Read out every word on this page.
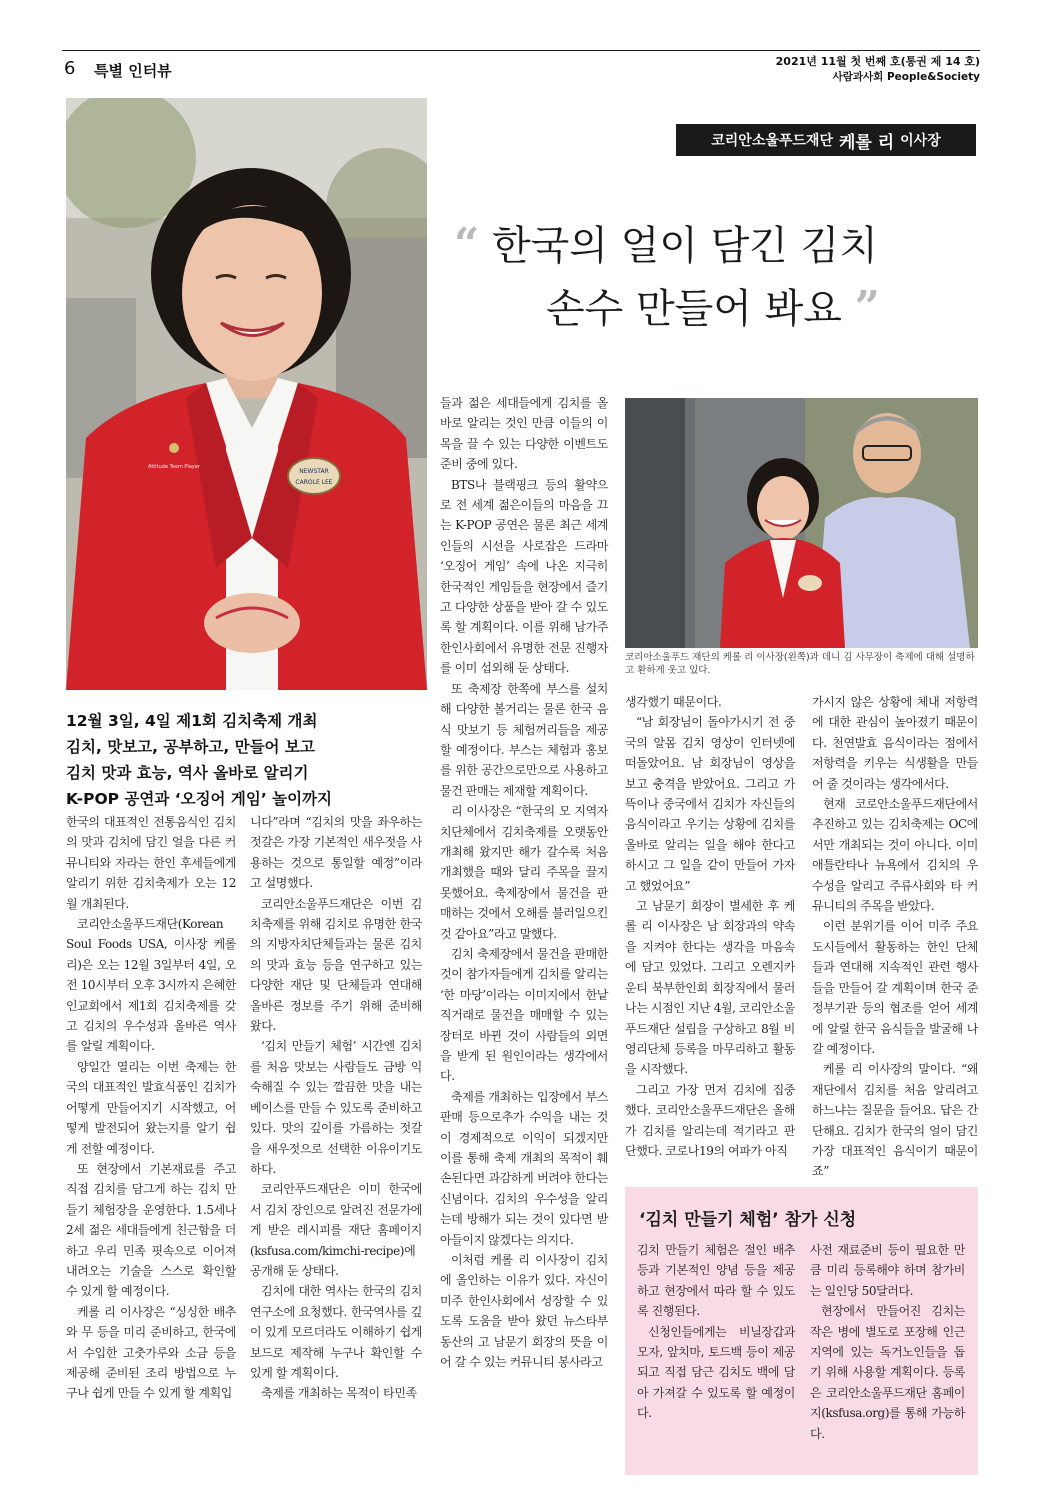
6 특별 인터뷰
2021년 11월 첫 번째 호(통권 제 14 호)
사람과사회 People&Society
NEWSTAR
CAROLE LEE
Attitude Team Player
코리안소울푸드재단 케롤 리 이사장
“ 한국의 얼이 담긴 김치
손수 만들어 봐요 ”

들과 젊은 세대들에게 김치를 올바로 알리는 것인 만큼 이들의 이목을 끌 수 있는 다양한 이벤트도 준비 중에 있다.

BTS나 블랙핑크 등의 활약으로 전 세계 젊은이들의 마음을 끄는 K-POP 공연은 물론 최근 세계인들의 시선을 사로잡은 드라마 ‘오징어 게임’ 속에 나온 지극히 한국적인 게임들을 현장에서 즐기고 다양한 상품을 받아 갈 수 있도록 할 계획이다. 이를 위해 남가주 한인사회에서 유명한 전문 진행자를 이미 섭외해 둔 상태다.

또 축제장 한쪽에 부스를 설치해 다양한 볼거리는 물론 한국 음식 맛보기 등 체험꺼리들을 제공할 예정이다. 부스는 체험과 홍보를 위한 공간으로만으로 사용하고 물건 판매는 제재할 계획이다.

리 이사장은 “한국의 모 지역자치단체에서 김치축제를 오랫동안 개최해 왔지만 해가 갈수록 처음 개최했을 때와 달리 주목을 끌지 못했어요. 축제장에서 물건을 판매하는 것에서 오해를 불러일으킨 것 같아요”라고 말했다.

김치 축제장에서 물건을 판매한 것이 참가자들에게 김치를 알리는 ‘한 마당’이라는 이미지에서 한낱 직거래로 물건을 매매할 수 있는 장터로 바뀐 것이 사람들의 외면을 받게 된 원인이라는 생각에서다.

축제를 개최하는 입장에서 부스 판매 등으로추가 수익을 내는 것이 경제적으로 이익이 되겠지만 이를 통해 축제 개최의 목적이 훼손된다면 과감하게 버려야 한다는 신념이다. 김치의 우수성을 알리는데 방해가 되는 것이 있다면 받아들이지 않겠다는 의지다.

이처럼 케롤 리 이사장이 김치에 올인하는 이유가 있다. 자신이 미주 한인사회에서 성장할 수 있도록 도움을 받아 왔던 뉴스타부동산의 고 남문기 회장의 뜻을 이어 갈 수 있는 커뮤니티 봉사라고

코리아소울푸드 재단의 케롤 리 이사장(왼쪽)과 데니 김 사무장이 축제에 대해 설명하고 환하게 웃고 있다.
12월 3일, 4일 제1회 김치축제 개최
김치, 맛보고, 공부하고, 만들어 보고
김치 맛과 효능, 역사 올바로 알리기
K-POP 공연과 ‘오징어 게임’ 놀이까지

한국의 대표적인 전통음식인 김치의 맛과 김치에 담긴 얼을 다른 커뮤니티와 자라는 한인 후세들에게 알리기 위한 김치축제가 오는 12월 개최된다.

코리안소울푸드재단(Korean Soul Foods USA, 이사장 케롤 리)은 오는 12월 3일부터 4일, 오전 10시부터 오후 3시까지 은혜한인교회에서 제1회 김치축제를 갖고 김치의 우수성과 올바른 역사를 알릴 계획이다.

양일간 열리는 이번 축제는 한국의 대표적인 발효식품인 김치가 어떻게 만들어지기 시작했고, 어떻게 발전되어 왔는지를 알기 쉽게 전할 예정이다.

또 현장에서 기본재료를 주고 직접 김치를 담그게 하는 김치 만들기 체험장을 운영한다. 1.5세나 2세 젊은 세대들에게 친근함을 더하고 우리 민족 핏속으로 이어져 내려오는 기술을 스스로 확인할 수 있게 할 예정이다.

케롤 리 이사장은 “싱싱한 배추와 무 등을 미리 준비하고, 한국에서 수입한 고춧가루와 소금 등을 제공해 준비된 조리 방법으로 누구나 쉽게 만들 수 있게 할 계획입

니다”라며 “김치의 맛을 좌우하는 젓갈은 가장 기본적인 새우젓을 사용하는 것으로 통일할 예정”이라고 설명했다.

코리안소울푸드재단은 이번 김치축제를 위해 김치로 유명한 한국의 지방자치단체들과는 물론 김치의 맛과 효능 등을 연구하고 있는 다양한 재단 및 단체들과 연대해 올바른 정보를 주기 위해 준비해 왔다.

‘김치 만들기 체험’ 시간엔 김치를 처음 맛보는 사람들도 금방 익숙해질 수 있는 깔끔한 맛을 내는 베이스를 만들 수 있도록 준비하고 있다. 맛의 깊이를 가름하는 젓갈을 새우젓으로 선택한 이유이기도 하다.

코리안푸드재단은 이미 한국에서 김치 장인으로 알려진 전문가에게 받은 레시피를 재단 홈페이지(ksfusa.com/kimchi-recipe)에 공개해 둔 상태다.

김치에 대한 역사는 한국의 김치연구소에 요청했다. 한국역사를 깊이 있게 모르더라도 이해하기 쉽게 보드로 제작해 누구나 확인할 수 있게 할 계획이다.

축제를 개최하는 목적이 타민족

생각했기 때문이다.

“남 회장님이 돌아가시기 전 중국의 알몸 김치 영상이 인터넷에 떠돌았어요. 남 회장님이 영상을 보고 충격을 받았어요. 그리고 가뜩이나 중국에서 김치가 자신들의 음식이라고 우기는 상황에 김치를 올바로 알리는 일을 해야 한다고 하시고 그 일을 같이 만들어 가자고 했었어요”

고 남문기 회장이 별세한 후 케롤 리 이사장은 남 회장과의 약속을 지켜야 한다는 생각을 마음속에 담고 있었다. 그리고 오렌지카운티 북부한인회 회장직에서 물러나는 시점인 지난 4월, 코리안소울푸드재단 설립을 구상하고 8월 비영리단체 등록을 마무리하고 활동을 시작했다.

그리고 가장 먼저 김치에 집중했다. 코리안소울푸드재단은 올해가 김치를 알리는데 적기라고 판단했다. 코로나19의 여파가 아직

가시지 않은 상황에 체내 저항력에 대한 관심이 높아졌기 때문이다. 천연발효 음식이라는 점에서 저항력을 키우는 식생활을 만들어 줄 것이라는 생각에서다.

현재 코로안소울푸드재단에서 추진하고 있는 김치축제는 OC에서만 개최되는 것이 아니다. 이미 애틀란타나 뉴욕에서 김치의 우수성을 알리고 주류사회와 타 커뮤니티의 주목을 받았다.

이런 분위기를 이어 미주 주요 도시들에서 활동하는 한인 단체들과 연대해 지속적인 관련 행사들을 만들어 갈 계획이며 한국 준정부기관 등의 협조를 얻어 세계에 알릴 한국 음식들을 발굴해 나갈 예정이다.

케롤 리 이사장의 말이다. “왜 재단에서 김치를 처음 알리려고 하느냐는 질문을 들어요. 답은 간단해요. 김치가 한국의 얼이 담긴 가장 대표적인 음식이기 때문이죠”

‘김치 만들기 체험’ 참가 신청

김치 만들기 체험은 절인 배추 등과 기본적인 양념 등을 제공하고 현장에서 따라 할 수 있도록 진행된다.

신청인들에게는 비닐장갑과 모자, 앞치마, 토드백 등이 제공되고 직접 담근 김치도 백에 담아 가져갈 수 있도록 할 예정이다.

사전 재료준비 등이 필요한 만큼 미리 등록해야 하며 참가비는 일인당 50달러다.

현장에서 만들어진 김치는 작은 병에 별도로 포장해 인근 지역에 있는 독거노인들을 돕기 위해 사용할 계획이다. 등록은 코리안소울푸드재단 홈페이지(ksfusa.org)를 통해 가능하다.
